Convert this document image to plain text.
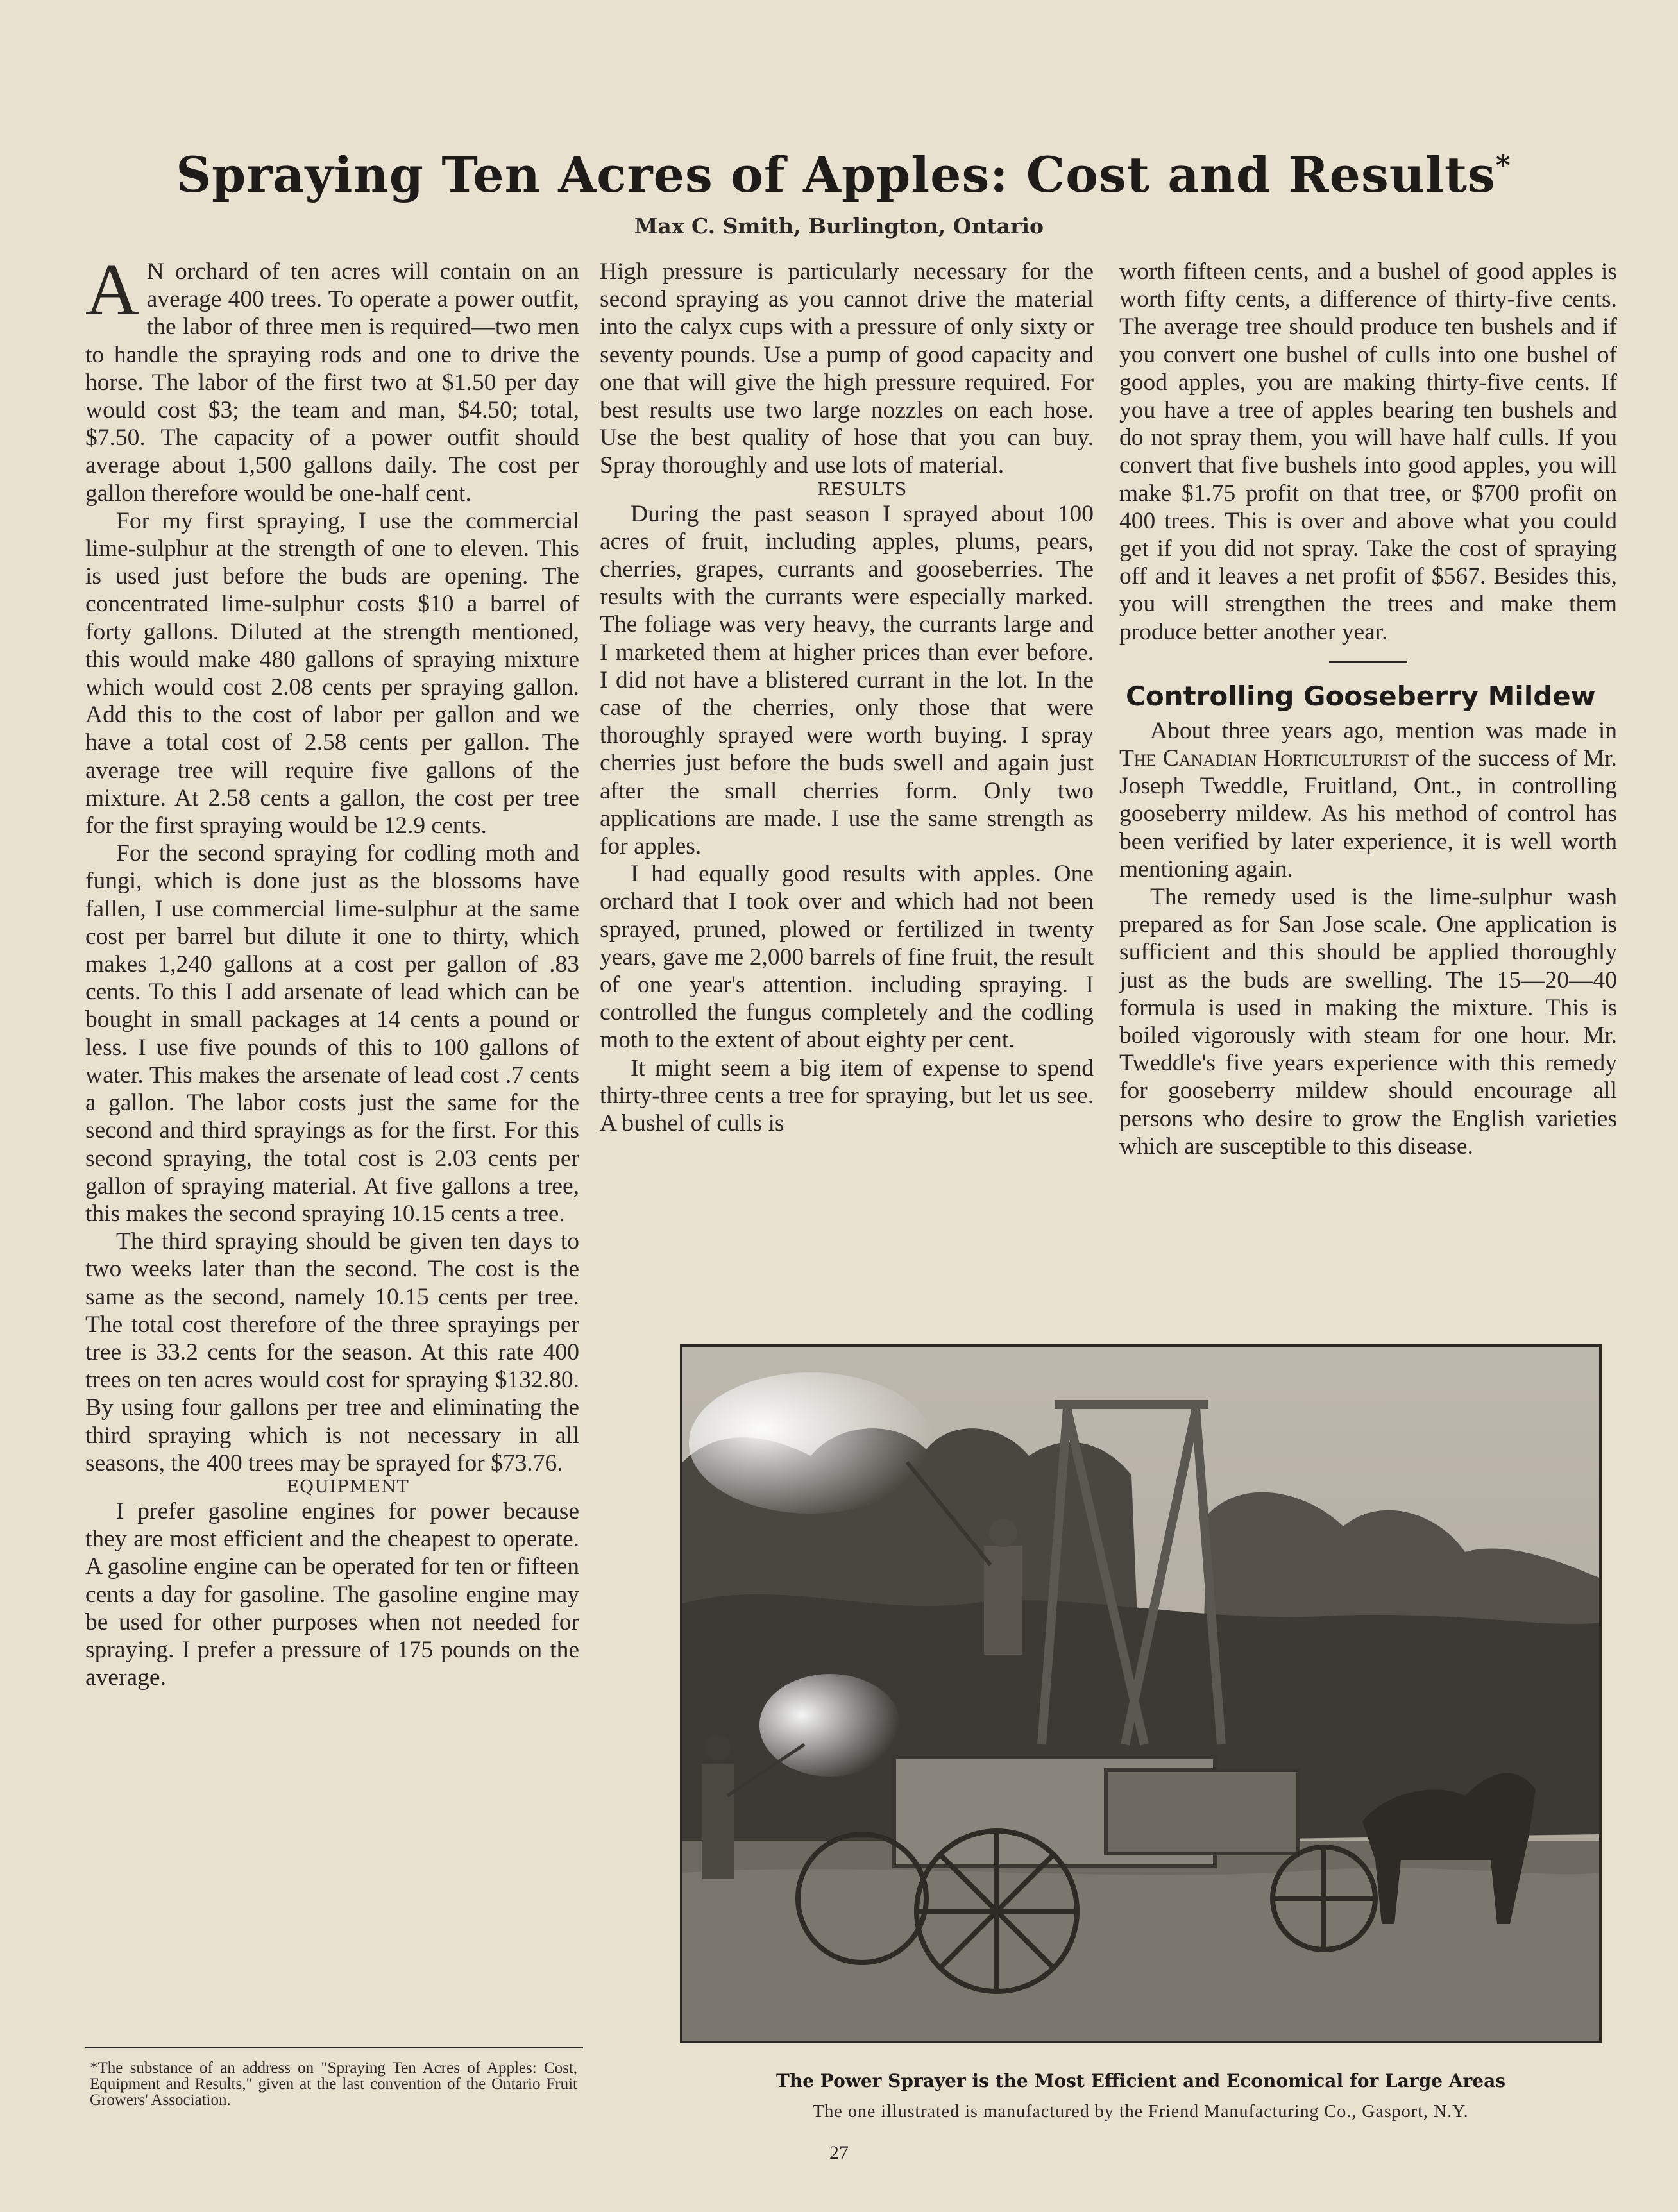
Spraying Ten Acres of Apples: Cost and Results*
Max C. Smith, Burlington, Ontario

A N orchard of ten acres will contain on an average 400 trees. To operate a power outfit, the labor of three men is required—two men to handle the spraying rods and one to drive the horse. The labor of the first two at $1.50 per day would cost $3; the team and man, $4.50; total, $7.50. The capacity of a power outfit should average about 1,500 gallons daily. The cost per gallon therefore would be one-half cent.

For my first spraying, I use the commercial lime-sulphur at the strength of one to eleven. This is used just before the buds are opening. The concentrated lime-sulphur costs $10 a barrel of forty gallons. Diluted at the strength mentioned, this would make 480 gallons of spraying mixture which would cost 2.08 cents per spraying gallon. Add this to the cost of labor per gallon and we have a total cost of 2.58 cents per gallon. The average tree will require five gallons of the mixture. At 2.58 cents a gallon, the cost per tree for the first spraying would be 12.9 cents.

For the second spraying for codling moth and fungi, which is done just as the blossoms have fallen, I use commercial lime-sulphur at the same cost per barrel but dilute it one to thirty, which makes 1,240 gallons at a cost per gallon of .83 cents. To this I add arsenate of lead which can be bought in small packages at 14 cents a pound or less. I use five pounds of this to 100 gallons of water. This makes the arsenate of lead cost .7 cents a gallon. The labor costs just the same for the second and third sprayings as for the first. For this second spraying, the total cost is 2.03 cents per gallon of spraying material. At five gallons a tree, this makes the second spraying 10.15 cents a tree.

The third spraying should be given ten days to two weeks later than the second. The cost is the same as the second, namely 10.15 cents per tree. The total cost therefore of the three sprayings per tree is 33.2 cents for the season. At this rate 400 trees on ten acres would cost for spraying $132.80. By using four gallons per tree and eliminating the third spraying which is not necessary in all seasons, the 400 trees may be sprayed for $73.76.

EQUIPMENT

I prefer gasoline engines for power because they are most efficient and the cheapest to operate. A gasoline engine can be operated for ten or fifteen cents a day for gasoline. The gasoline engine may be used for other purposes when not needed for spraying. I prefer a pressure of 175 pounds on the average.

High pressure is particularly necessary for the second spraying as you cannot drive the material into the calyx cups with a pressure of only sixty or seventy pounds. Use a pump of good capacity and one that will give the high pressure required. For best results use two large nozzles on each hose. Use the best quality of hose that you can buy. Spray thoroughly and use lots of material.

RESULTS

During the past season I sprayed about 100 acres of fruit, including apples, plums, pears, cherries, grapes, currants and gooseberries. The results with the currants were especially marked. The foliage was very heavy, the currants large and I marketed them at higher prices than ever before. I did not have a blistered currant in the lot. In the case of the cherries, only those that were thoroughly sprayed were worth buying. I spray cherries just before the buds swell and again just after the small cherries form. Only two applications are made. I use the same strength as for apples.

I had equally good results with apples. One orchard that I took over and which had not been sprayed, pruned, plowed or fertilized in twenty years, gave me 2,000 barrels of fine fruit, the result of one year's attention. including spraying. I controlled the fungus completely and the codling moth to the extent of about eighty per cent.

It might seem a big item of expense to spend thirty-three cents a tree for spraying, but let us see. A bushel of culls is

worth fifteen cents, and a bushel of good apples is worth fifty cents, a difference of thirty-five cents. The average tree should produce ten bushels and if you convert one bushel of culls into one bushel of good apples, you are making thirty-five cents. If you have a tree of apples bearing ten bushels and do not spray them, you will have half culls. If you convert that five bushels into good apples, you will make $1.75 profit on that tree, or $700 profit on 400 trees. This is over and above what you could get if you did not spray. Take the cost of spraying off and it leaves a net profit of $567. Besides this, you will strengthen the trees and make them produce better another year.

Controlling Gooseberry Mildew

About three years ago, mention was made in The Canadian Horticulturist of the success of Mr. Joseph Tweddle, Fruitland, Ont., in controlling gooseberry mildew. As his method of control has been verified by later experience, it is well worth mentioning again.

The remedy used is the lime-sulphur wash prepared as for San Jose scale. One application is sufficient and this should be applied thoroughly just as the buds are swelling. The 15—20—40 formula is used in making the mixture. This is boiled vigorously with steam for one hour. Mr. Tweddle's five years experience with this remedy for gooseberry mildew should encourage all persons who desire to grow the English varieties which are susceptible to this disease.

*The substance of an address on "Spraying Ten Acres of Apples: Cost, Equipment and Results," given at the last convention of the Ontario Fruit Growers' Association.
The Power Sprayer is the Most Efficient and Economical for Large Areas
The one illustrated is manufactured by the Friend Manufacturing Co., Gasport, N.Y.
27
